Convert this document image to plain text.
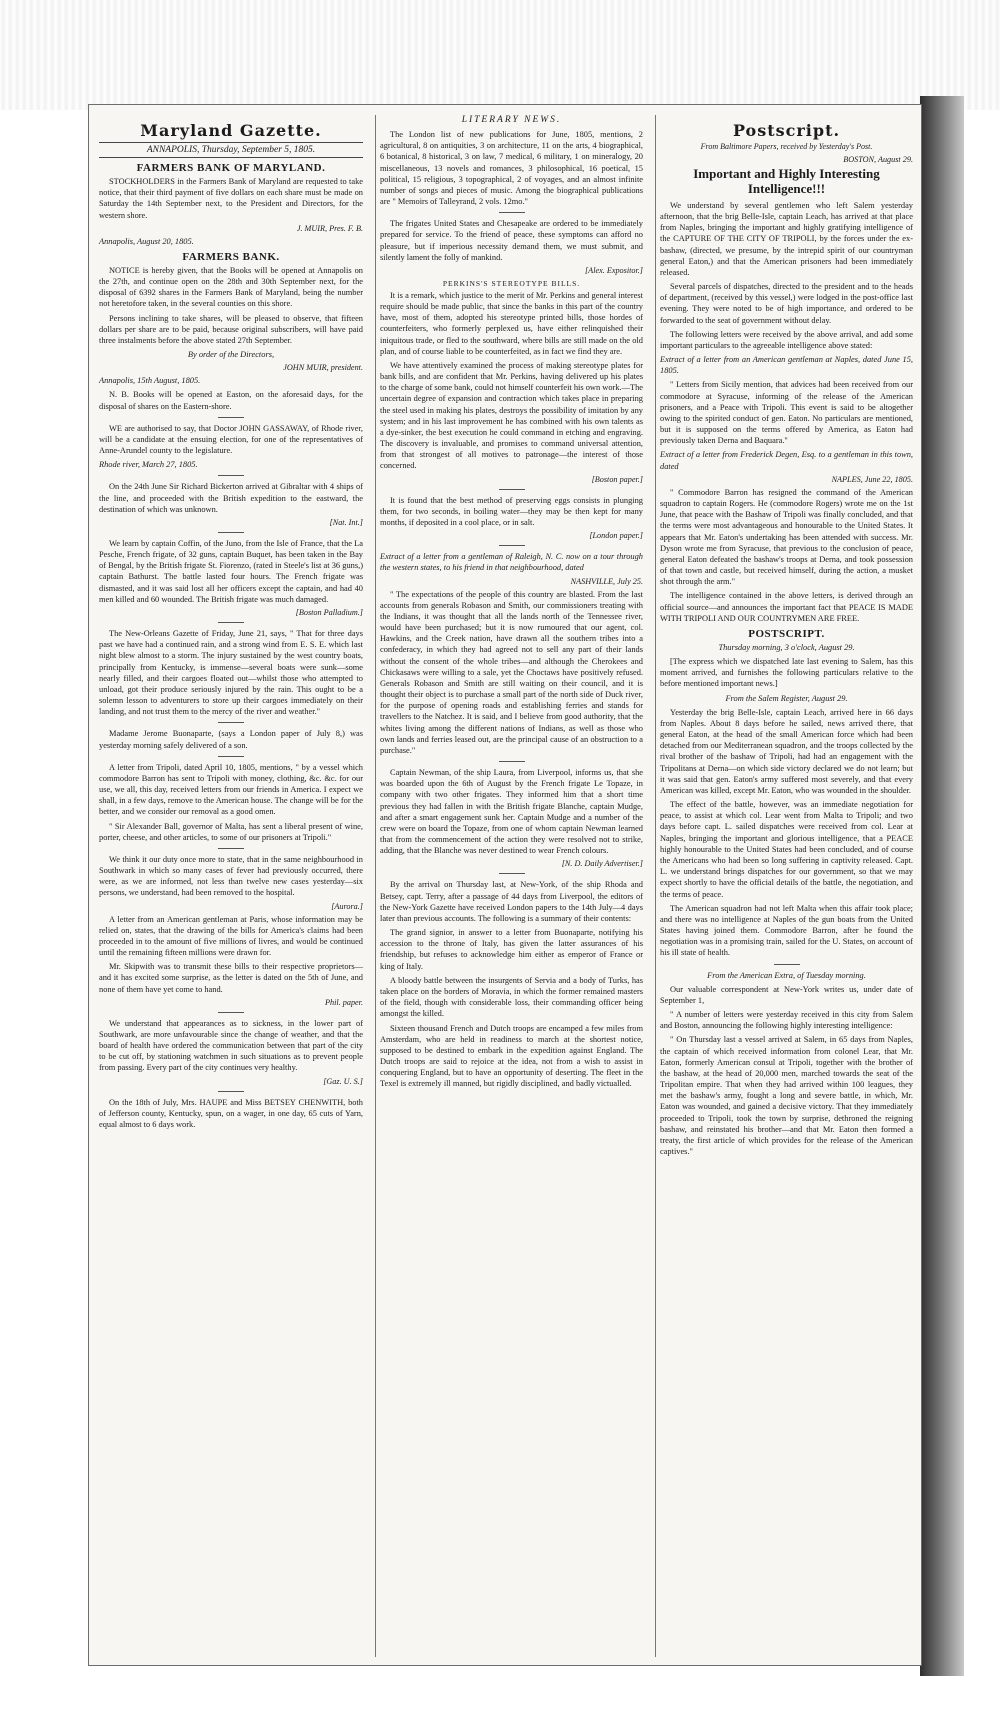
Maryland Gazette.
ANNAPOLIS, Thursday, September 5, 1805.
FARMERS BANK OF MARYLAND.

STOCKHOLDERS in the Farmers Bank of Maryland are requested to take notice, that their third payment of five dollars on each share must be made on Saturday the 14th September next, to the President and Directors, for the western shore.

J. MUIR, Pres. F. B.

Annapolis, August 20, 1805.

FARMERS BANK.

NOTICE is hereby given, that the Books will be opened at Annapolis on the 27th, and continue open on the 28th and 30th September next, for the disposal of 6392 shares in the Farmers Bank of Maryland, being the number not heretofore taken, in the several counties on this shore.

Persons inclining to take shares, will be pleased to observe, that fifteen dollars per share are to be paid, because original subscribers, will have paid three instalments before the above stated 27th September.

By order of the Directors,

JOHN MUIR, president.

Annapolis, 15th August, 1805.

N. B. Books will be opened at Easton, on the aforesaid days, for the disposal of shares on the Eastern-shore.

WE are authorised to say, that Doctor JOHN GASSAWAY, of Rhode river, will be a candidate at the ensuing election, for one of the representatives of Anne-Arundel county to the legislature.

Rhode river, March 27, 1805.

On the 24th June Sir Richard Bickerton arrived at Gibraltar with 4 ships of the line, and proceeded with the British expedition to the eastward, the destination of which was unknown.

[Nat. Int.]

We learn by captain Coffin, of the Juno, from the Isle of France, that the La Pesche, French frigate, of 32 guns, captain Buquet, has been taken in the Bay of Bengal, by the British frigate St. Fiorenzo, (rated in Steele's list at 36 guns,) captain Bathurst. The battle lasted four hours. The French frigate was dismasted, and it was said lost all her officers except the captain, and had 40 men killed and 60 wounded. The British frigate was much damaged.

[Boston Palladium.]

The New-Orleans Gazette of Friday, June 21, says, " That for three days past we have had a continued rain, and a strong wind from E. S. E. which last night blew almost to a storm. The injury sustained by the west country boats, principally from Kentucky, is immense—several boats were sunk—some nearly filled, and their cargoes floated out—whilst those who attempted to unload, got their produce seriously injured by the rain. This ought to be a solemn lesson to adventurers to store up their cargoes immediately on their landing, and not trust them to the mercy of the river and weather."

Madame Jerome Buonaparte, (says a London paper of July 8,) was yesterday morning safely delivered of a son.

A letter from Tripoli, dated April 10, 1805, mentions, " by a vessel which commodore Barron has sent to Tripoli with money, clothing, &c. &c. for our use, we all, this day, received letters from our friends in America. I expect we shall, in a few days, remove to the American house. The change will be for the better, and we consider our removal as a good omen.

" Sir Alexander Ball, governor of Malta, has sent a liberal present of wine, porter, cheese, and other articles, to some of our prisoners at Tripoli."

We think it our duty once more to state, that in the same neighbourhood in Southwark in which so many cases of fever had previously occurred, there were, as we are informed, not less than twelve new cases yesterday—six persons, we understand, had been removed to the hospital.

[Aurora.]

A letter from an American gentleman at Paris, whose information may be relied on, states, that the drawing of the bills for America's claims had been proceeded in to the amount of five millions of livres, and would be continued until the remaining fifteen millions were drawn for.

Mr. Skipwith was to transmit these bills to their respective proprietors—and it has excited some surprise, as the letter is dated on the 5th of June, and none of them have yet come to hand.

Phil. paper.

We understand that appearances as to sickness, in the lower part of Southwark, are more unfavourable since the change of weather, and that the board of health have ordered the communication between that part of the city to be cut off, by stationing watchmen in such situations as to prevent people from passing. Every part of the city continues very healthy.

[Gaz. U. S.]

On the 18th of July, Mrs. HAUPE and Miss BETSEY CHENWITH, both of Jefferson county, Kentucky, spun, on a wager, in one day, 65 cuts of Yarn, equal almost to 6 days work.

LITERARY NEWS.

The London list of new publications for June, 1805, mentions, 2 agricultural, 8 on antiquities, 3 on architecture, 11 on the arts, 4 biographical, 6 botanical, 8 historical, 3 on law, 7 medical, 6 military, 1 on mineralogy, 20 miscellaneous, 13 novels and romances, 3 philosophical, 16 poetical, 15 political, 15 religious, 3 topographical, 2 of voyages, and an almost infinite number of songs and pieces of music. Among the biographical publications are " Memoirs of Talleyrand, 2 vols. 12mo."

The frigates United States and Chesapeake are ordered to be immediately prepared for service. To the friend of peace, these symptoms can afford no pleasure, but if imperious necessity demand them, we must submit, and silently lament the folly of mankind.

[Alex. Expositor.]
PERKINS'S STEREOTYPE BILLS.

It is a remark, which justice to the merit of Mr. Perkins and general interest require should be made public, that since the banks in this part of the country have, most of them, adopted his stereotype printed bills, those hordes of counterfeiters, who formerly perplexed us, have either relinquished their iniquitous trade, or fled to the southward, where bills are still made on the old plan, and of course liable to be counterfeited, as in fact we find they are.

We have attentively examined the process of making stereotype plates for bank bills, and are confident that Mr. Perkins, having delivered up his plates to the charge of some bank, could not himself counterfeit his own work.—The uncertain degree of expansion and contraction which takes place in preparing the steel used in making his plates, destroys the possibility of imitation by any system; and in his last improvement he has combined with his own talents as a dye-sinker, the best execution he could command in etching and engraving. The discovery is invaluable, and promises to command universal attention, from that strongest of all motives to patronage—the interest of those concerned.

[Boston paper.]

It is found that the best method of preserving eggs consists in plunging them, for two seconds, in boiling water—they may be then kept for many months, if deposited in a cool place, or in salt.

[London paper.]

Extract of a letter from a gentleman of Raleigh, N. C. now on a tour through the western states, to his friend in that neighbourhood, dated

NASHVILLE, July 25.

" The expectations of the people of this country are blasted. From the last accounts from generals Robason and Smith, our commissioners treating with the Indians, it was thought that all the lands north of the Tennessee river, would have been purchased; but it is now rumoured that our agent, col. Hawkins, and the Creek nation, have drawn all the southern tribes into a confederacy, in which they had agreed not to sell any part of their lands without the consent of the whole tribes—and although the Cherokees and Chickasaws were willing to a sale, yet the Choctaws have positively refused. Generals Robason and Smith are still waiting on their council, and it is thought their object is to purchase a small part of the north side of Duck river, for the purpose of opening roads and establishing ferries and stands for travellers to the Natchez. It is said, and I believe from good authority, that the whites living among the different nations of Indians, as well as those who own lands and ferries leased out, are the principal cause of an obstruction to a purchase."

Captain Newman, of the ship Laura, from Liverpool, informs us, that she was boarded upon the 6th of August by the French frigate Le Topaze, in company with two other frigates. They informed him that a short time previous they had fallen in with the British frigate Blanche, captain Mudge, and after a smart engagement sunk her. Captain Mudge and a number of the crew were on board the Topaze, from one of whom captain Newman learned that from the commencement of the action they were resolved not to strike, adding, that the Blanche was never destined to wear French colours.

[N. D. Daily Advertiser.]

By the arrival on Thursday last, at New-York, of the ship Rhoda and Betsey, capt. Terry, after a passage of 44 days from Liverpool, the editors of the New-York Gazette have received London papers to the 14th July—4 days later than previous accounts. The following is a summary of their contents:

The grand signior, in answer to a letter from Buonaparte, notifying his accession to the throne of Italy, has given the latter assurances of his friendship, but refuses to acknowledge him either as emperor of France or king of Italy.

A bloody battle between the insurgents of Servia and a body of Turks, has taken place on the borders of Moravia, in which the former remained masters of the field, though with considerable loss, their commanding officer being amongst the killed.

Sixteen thousand French and Dutch troops are encamped a few miles from Amsterdam, who are held in readiness to march at the shortest notice, supposed to be destined to embark in the expedition against England. The Dutch troops are said to rejoice at the idea, not from a wish to assist in conquering England, but to have an opportunity of deserting. The fleet in the Texel is extremely ill manned, but rigidly disciplined, and badly victualled.

Postscript.
From Baltimore Papers, received by Yesterday's Post.
BOSTON, August 29.
Important and Highly Interesting Intelligence!!!

We understand by several gentlemen who left Salem yesterday afternoon, that the brig Belle-Isle, captain Leach, has arrived at that place from Naples, bringing the important and highly gratifying intelligence of the CAPTURE OF THE CITY OF TRIPOLI, by the forces under the ex-bashaw, (directed, we presume, by the intrepid spirit of our countryman general Eaton,) and that the American prisoners had been immediately released.

Several parcels of dispatches, directed to the president and to the heads of department, (received by this vessel,) were lodged in the post-office last evening. They were noted to be of high importance, and ordered to be forwarded to the seat of government without delay.

The following letters were received by the above arrival, and add some important particulars to the agreeable intelligence above stated:

Extract of a letter from an American gentleman at Naples, dated June 15, 1805.

" Letters from Sicily mention, that advices had been received from our commodore at Syracuse, informing of the release of the American prisoners, and a Peace with Tripoli. This event is said to be altogether owing to the spirited conduct of gen. Eaton. No particulars are mentioned, but it is supposed on the terms offered by America, as Eaton had previously taken Derna and Baquara."

Extract of a letter from Frederick Degen, Esq. to a gentleman in this town, dated

NAPLES, June 22, 1805.

" Commodore Barron has resigned the command of the American squadron to captain Rogers. He (commodore Rogers) wrote me on the 1st June, that peace with the Bashaw of Tripoli was finally concluded, and that the terms were most advantageous and honourable to the United States. It appears that Mr. Eaton's undertaking has been attended with success. Mr. Dyson wrote me from Syracuse, that previous to the conclusion of peace, general Eaton defeated the bashaw's troops at Derna, and took possession of that town and castle, but received himself, during the action, a musket shot through the arm."

The intelligence contained in the above letters, is derived through an official source—and announces the important fact that PEACE IS MADE WITH TRIPOLI AND OUR COUNTRYMEN ARE FREE.

POSTSCRIPT.

Thursday morning, 3 o'clock, August 29.

[The express which we dispatched late last evening to Salem, has this moment arrived, and furnishes the following particulars relative to the before mentioned important news.]

From the Salem Register, August 29.

Yesterday the brig Belle-Isle, captain Leach, arrived here in 66 days from Naples. About 8 days before he sailed, news arrived there, that general Eaton, at the head of the small American force which had been detached from our Mediterranean squadron, and the troops collected by the rival brother of the bashaw of Tripoli, had had an engagement with the Tripolitans at Derna—on which side victory declared we do not learn; but it was said that gen. Eaton's army suffered most severely, and that every American was killed, except Mr. Eaton, who was wounded in the shoulder.

The effect of the battle, however, was an immediate negotiation for peace, to assist at which col. Lear went from Malta to Tripoli; and two days before capt. L. sailed dispatches were received from col. Lear at Naples, bringing the important and glorious intelligence, that a PEACE highly honourable to the United States had been concluded, and of course the Americans who had been so long suffering in captivity released. Capt. L. we understand brings dispatches for our government, so that we may expect shortly to have the official details of the battle, the negotiation, and the terms of peace.

The American squadron had not left Malta when this affair took place; and there was no intelligence at Naples of the gun boats from the United States having joined them. Commodore Barron, after he found the negotiation was in a promising train, sailed for the U. States, on account of his ill state of health.

From the American Extra, of Tuesday morning.

Our valuable correspondent at New-York writes us, under date of September 1,

" A number of letters were yesterday received in this city from Salem and Boston, announcing the following highly interesting intelligence:

" On Thursday last a vessel arrived at Salem, in 65 days from Naples, the captain of which received information from colonel Lear, that Mr. Eaton, formerly American consul at Tripoli, together with the brother of the bashaw, at the head of 20,000 men, marched towards the seat of the Tripolitan empire. That when they had arrived within 100 leagues, they met the bashaw's army, fought a long and severe battle, in which, Mr. Eaton was wounded, and gained a decisive victory. That they immediately proceeded to Tripoli, took the town by surprise, dethroned the reigning bashaw, and reinstated his brother—and that Mr. Eaton then formed a treaty, the first article of which provides for the release of the American captives."
